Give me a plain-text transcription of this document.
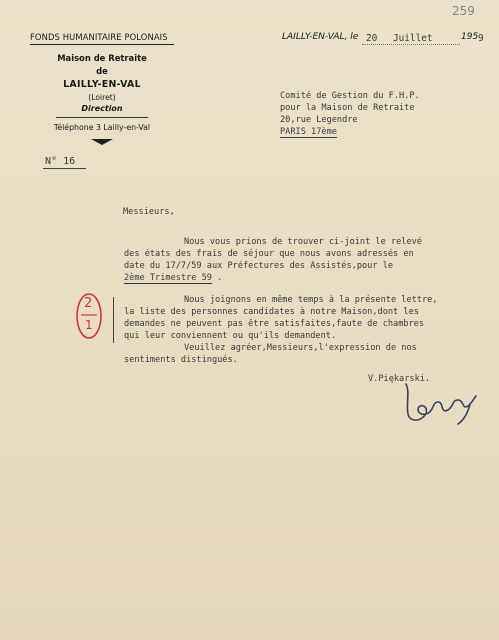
259
FONDS HUMANITAIRE POLONAIS
Maison de Retraite
de
LAILLY-EN-VAL
(Loiret)
Direction
Téléphone 3 Lailly-en-Val
N° 16
LAILLY-EN-VAL, le 20 Juillet	195 9
Comité de Gestion du F.H.P.
pour la Maison de Retraite
20,rue Legendre
PARIS 17ème
Messieurs,
Nous vous prions de trouver ci-joint le relevé
des états des frais de séjour que nous avons adressés en
date du 17/7/59 aux Préfectures des Assistés,pour le
2ème Trimestre 59 .
2
1
Nous joignons en même temps à la présente lettre,
la liste des personnes candidates à notre Maison,dont les
demandes ne peuvent pas être satisfaites,faute de chambres
qui leur conviennent ou qu'ils demandent.
Veuillez agréer,Messieurs,l'expression de nos
sentiments distingués.
V.Piękarski.
